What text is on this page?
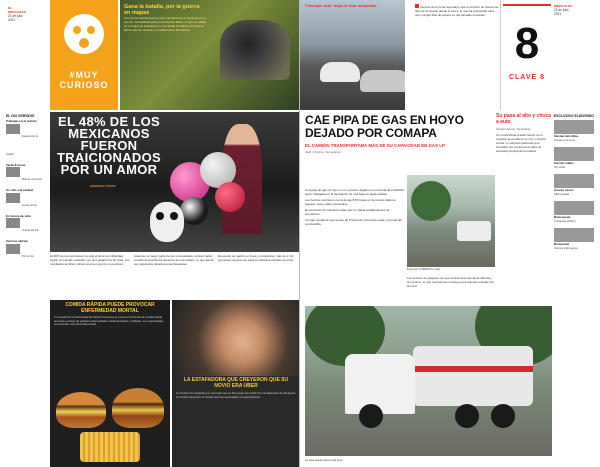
De
MIÉRCOLES
21 de julio
2021
#MUY
CURIOSO
Gana la batalla, por la guerra en mapas
Uno de los efectos tras la crisis sanitaria fue el aumento en el uso de motocicletas para el transporte diario, lo que se refleja en el mapa de accidentes en la ciudad de México durante el último año de acuerdo con datos de la Secretaría.
EL DIO SERVIDIO
Trabajan en el recinto
Estatuto de la capital
Tarda 8 horas
Más de una hora
Un rato a la ciudad
Inician obras
En busca de vida
Al final del día
Vecinos alertan
Por rumbo
EL 48% DE LOS MEXICANOS FUERON TRAICIONADOS POR UN AMOR
AGENCIA / STAFF
El 48% de los mexicanos ha sido víctima de infidelidad, según un estudio realizado por una plataforma de citas. Los resultados también indican que la mayoría no perdona.
Además, la mayor parte de los encuestados confesó haber sentido desconfianza después de una traición, lo que afectó sus siguientes relaciones sentimentales.
El estudio se realizó en línea y participaron más de 2 mil personas mayores de edad en distintos estados del país.
COMIDA RÁPIDA PUEDE PROVOCAR ENFERMEDAD MORTAL
Un estudio de la Universidad de Oxford revela que el consumo frecuente de comida rápida aumenta el riesgo de padecer enfermedades cardiovasculares y diabetes. Los especialistas recomiendan una dieta balanceada.
LA ESTAFADORA QUE CREYERON QUE SU NOVIO ERA UBER
Un hombre fue estafado por una mujer que se hizo pasar por chofer de una aplicación de transporte. La víctima denunció los hechos ante las autoridades correspondientes.
"Chorque ruta" deja de tirar máquinas	Vecinos de la zona reportaron que el servicio de transporte dejó de funcionar desde el lunes, lo que ha provocado caos vial y largas filas de espera en las paradas cercanas.
8
CLAVE 8
MIÉRCOLES
21 de julio
2021
CAE PIPA DE GAS EN HOYO DEJADO POR COMAPA
EL CAMIÓN TRANSPORTABA MÁS DE SU CAPACIDAD EN GAS LP
Staff / Victoria, Tamaulipas
Una pipa de gas LP cayó en un socavón dejado por personal de COMAPA, quien trabajaba en la reparación de una fuga de agua potable.
Los hechos ocurrieron cerca de las 8:00 horas en la colonia Valle de Aguayo, entre calles principales.
El conductor del vehículo relató que no había señalamientos de precaución.
Al lugar acudieron elementos de Protección Civil para evitar una fuga del combustible.
Fotos de COMAPA en sitio
Los vecinos se quejaron de que la obra lleva semanas abierta y sin avance, lo que representa un riesgo para quienes circulan por la zona.
Su pasa al alto y choca a auto
Ciudad Victoria, Tamaulipas
Un motociclista resultó herido al no respetar el semáforo en rojo y chocar contra un vehículo particular que circulaba con preferencia sobre la avenida principal de la ciudad.
EXCLUSIVO ELDIVIDIDO
Alertan del clima
Lluvias en la zona
Cierran calles
Por obras
Crecen casos
Salud estatal
Ruta nueva
Transporte público
Denuncias
Vecinos piden apoyo
La pipa quedó dentro del hoyo
